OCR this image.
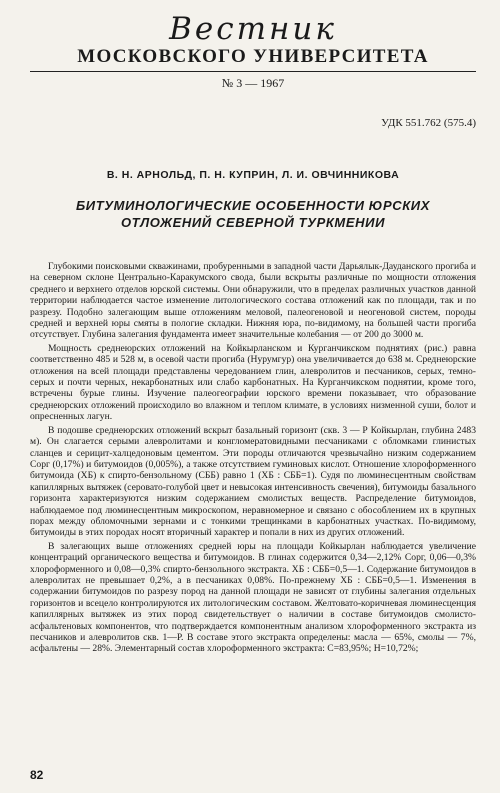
Вестник
МОСКОВСКОГО УНИВЕРСИТЕТА
№ 3 — 1967
УДК 551.762 (575.4)
В. Н. АРНОЛЬД, П. Н. КУПРИН, Л. И. ОВЧИННИКОВА
БИТУМИНОЛОГИЧЕСКИЕ ОСОБЕННОСТИ ЮРСКИХ
ОТЛОЖЕНИЙ СЕВЕРНОЙ ТУРКМЕНИИ

Глубокими поисковыми скважинами, пробуренными в западной части Дарьялык-Дауданского прогиба и на северном склоне Центрально-Каракумского свода, были вскрыты различные по мощности отложения среднего и верхнего отделов юрской системы. Они обнаружили, что в пределах различных участков данной территории наблюдается частое изменение литологического состава отложений как по площади, так и по разрезу. Подобно залегающим выше отложениям меловой, палеогеновой и неогеновой систем, породы средней и верхней юры смяты в пологие складки. Нижняя юра, по-видимому, на большей части прогиба отсутствует. Глубина залегания фундамента имеет значительные колебания — от 200 до 3000 м.

Мощность среднеюрских отложений на Койкырланском и Курганчикском поднятиях (рис.) равна соответственно 485 и 528 м, в осевой части прогиба (Нурумгур) она увеличивается до 638 м. Среднеюрские отложения на всей площади представлены чередованием глин, алевролитов и песчаников, серых, темно-серых и почти черных, некарбонатных или слабо карбонатных. На Курганчикском поднятии, кроме того, встречены бурые глины. Изучение палеогеографии юрского времени показывает, что образование среднеюрских отложений происходило во влажном и теплом климате, в условиях низменной суши, болот и опресненных лагун.

В подошве среднеюрских отложений вскрыт базальный горизонт (скв. 3 — Р Койкырлан, глубина 2483 м). Он слагается серыми алевролитами и конгломератовидными песчаниками с обломками глинистых сланцев и серицит-халцедоновым цементом. Эти породы отличаются чрезвычайно низким содержанием Сорг (0,17%) и битумоидов (0,005%), а также отсутствием гуминовых кислот. Отношение хлороформенного битумоида (ХБ) к спирто-бензольному (СББ) равно 1 (ХБ : СББ=1). Судя по люминесцентным свойствам капиллярных вытяжек (серовато-голубой цвет и невысокая интенсивность свечения), битумоиды базального горизонта характеризуются низким содержанием смолистых веществ. Распределение битумоидов, наблюдаемое под люминесцентным микроскопом, неравномерное и связано с обособлением их в крупных порах между обломочными зернами и с тонкими трещинками в карбонатных участках. По-видимому, битумоиды в этих породах носят вторичный характер и попали в них из других отложений.

В залегающих выше отложениях средней юры на площади Койкырлан наблюдается увеличение концентраций органического вещества и битумоидов. В глинах содержится 0,34—2,12% Сорг, 0,06—0,3% хлороформенного и 0,08—0,3% спирто-бензольного экстракта. ХБ : СББ=0,5—1. Содержание битумоидов в алевролитах не превышает 0,2%, а в песчаниках 0,08%. По-прежнему ХБ : СББ=0,5—1. Изменения в содержании битумоидов по разрезу пород на данной площади не зависят от глубины залегания отдельных горизонтов и всецело контролируются их литологическим составом. Желтовато-коричневая люминесценция капиллярных вытяжек из этих пород свидетельствует о наличии в составе битумоидов смолисто-асфальтеновых компонентов, что подтверждается компонентным анализом хлороформенного экстракта из песчаников и алевролитов скв. 1—Р. В составе этого экстракта определены: масла — 65%, смолы — 7%, асфальтены — 28%. Элементарный состав хлороформенного экстракта: С=83,95%; Н=10,72%;

82
